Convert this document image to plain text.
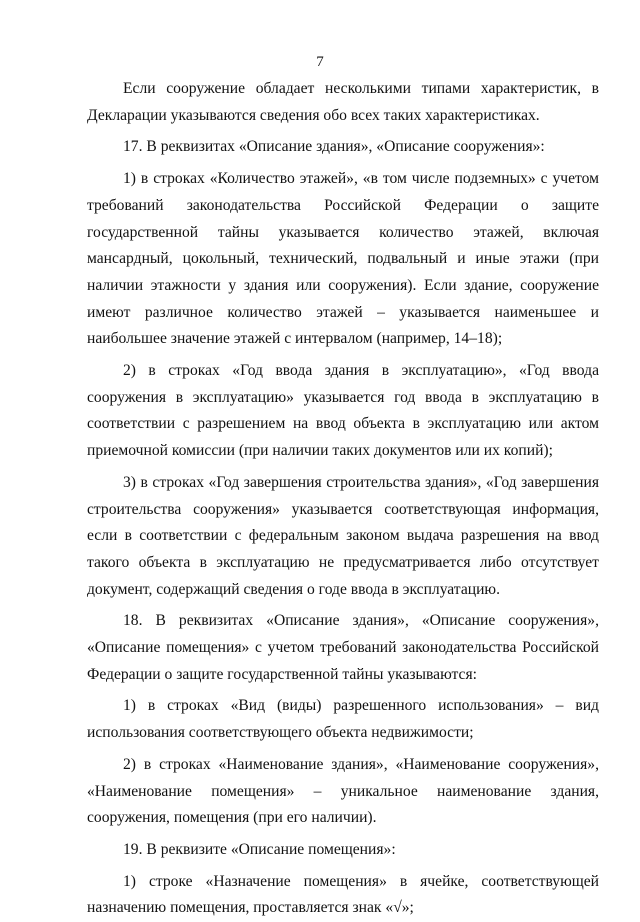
7

Если сооружение обладает несколькими типами характеристик, в Декларации указываются сведения обо всех таких характеристиках.

17. В реквизитах «Описание здания», «Описание сооружения»:

1) в строках «Количество этажей», «в том числе подземных» с учетом требований законодательства Российской Федерации о защите государственной тайны указывается количество этажей, включая мансардный, цокольный, технический, подвальный и иные этажи (при наличии этажности у здания или сооружения). Если здание, сооружение имеют различное количество этажей – указывается наименьшее и наибольшее значение этажей с интервалом (например, 14–18);

2) в строках «Год ввода здания в эксплуатацию», «Год ввода сооружения в эксплуатацию» указывается год ввода в эксплуатацию в соответствии с разрешением на ввод объекта в эксплуатацию или актом приемочной комиссии (при наличии таких документов или их копий);

3) в строках «Год завершения строительства здания», «Год завершения строительства сооружения» указывается соответствующая информация, если в соответствии с федеральным законом выдача разрешения на ввод такого объекта в эксплуатацию не предусматривается либо отсутствует документ, содержащий сведения о годе ввода в эксплуатацию.

18. В реквизитах «Описание здания», «Описание сооружения», «Описание помещения» с учетом требований законодательства Российской Федерации о защите государственной тайны указываются:

1) в строках «Вид (виды) разрешенного использования» – вид использования соответствующего объекта недвижимости;

2) в строках «Наименование здания», «Наименование сооружения», «Наименование помещения» – уникальное наименование здания, сооружения, помещения (при его наличии).

19. В реквизите «Описание помещения»:

1) строке «Назначение помещения» в ячейке, соответствующей назначению помещения, проставляется знак «√»;
